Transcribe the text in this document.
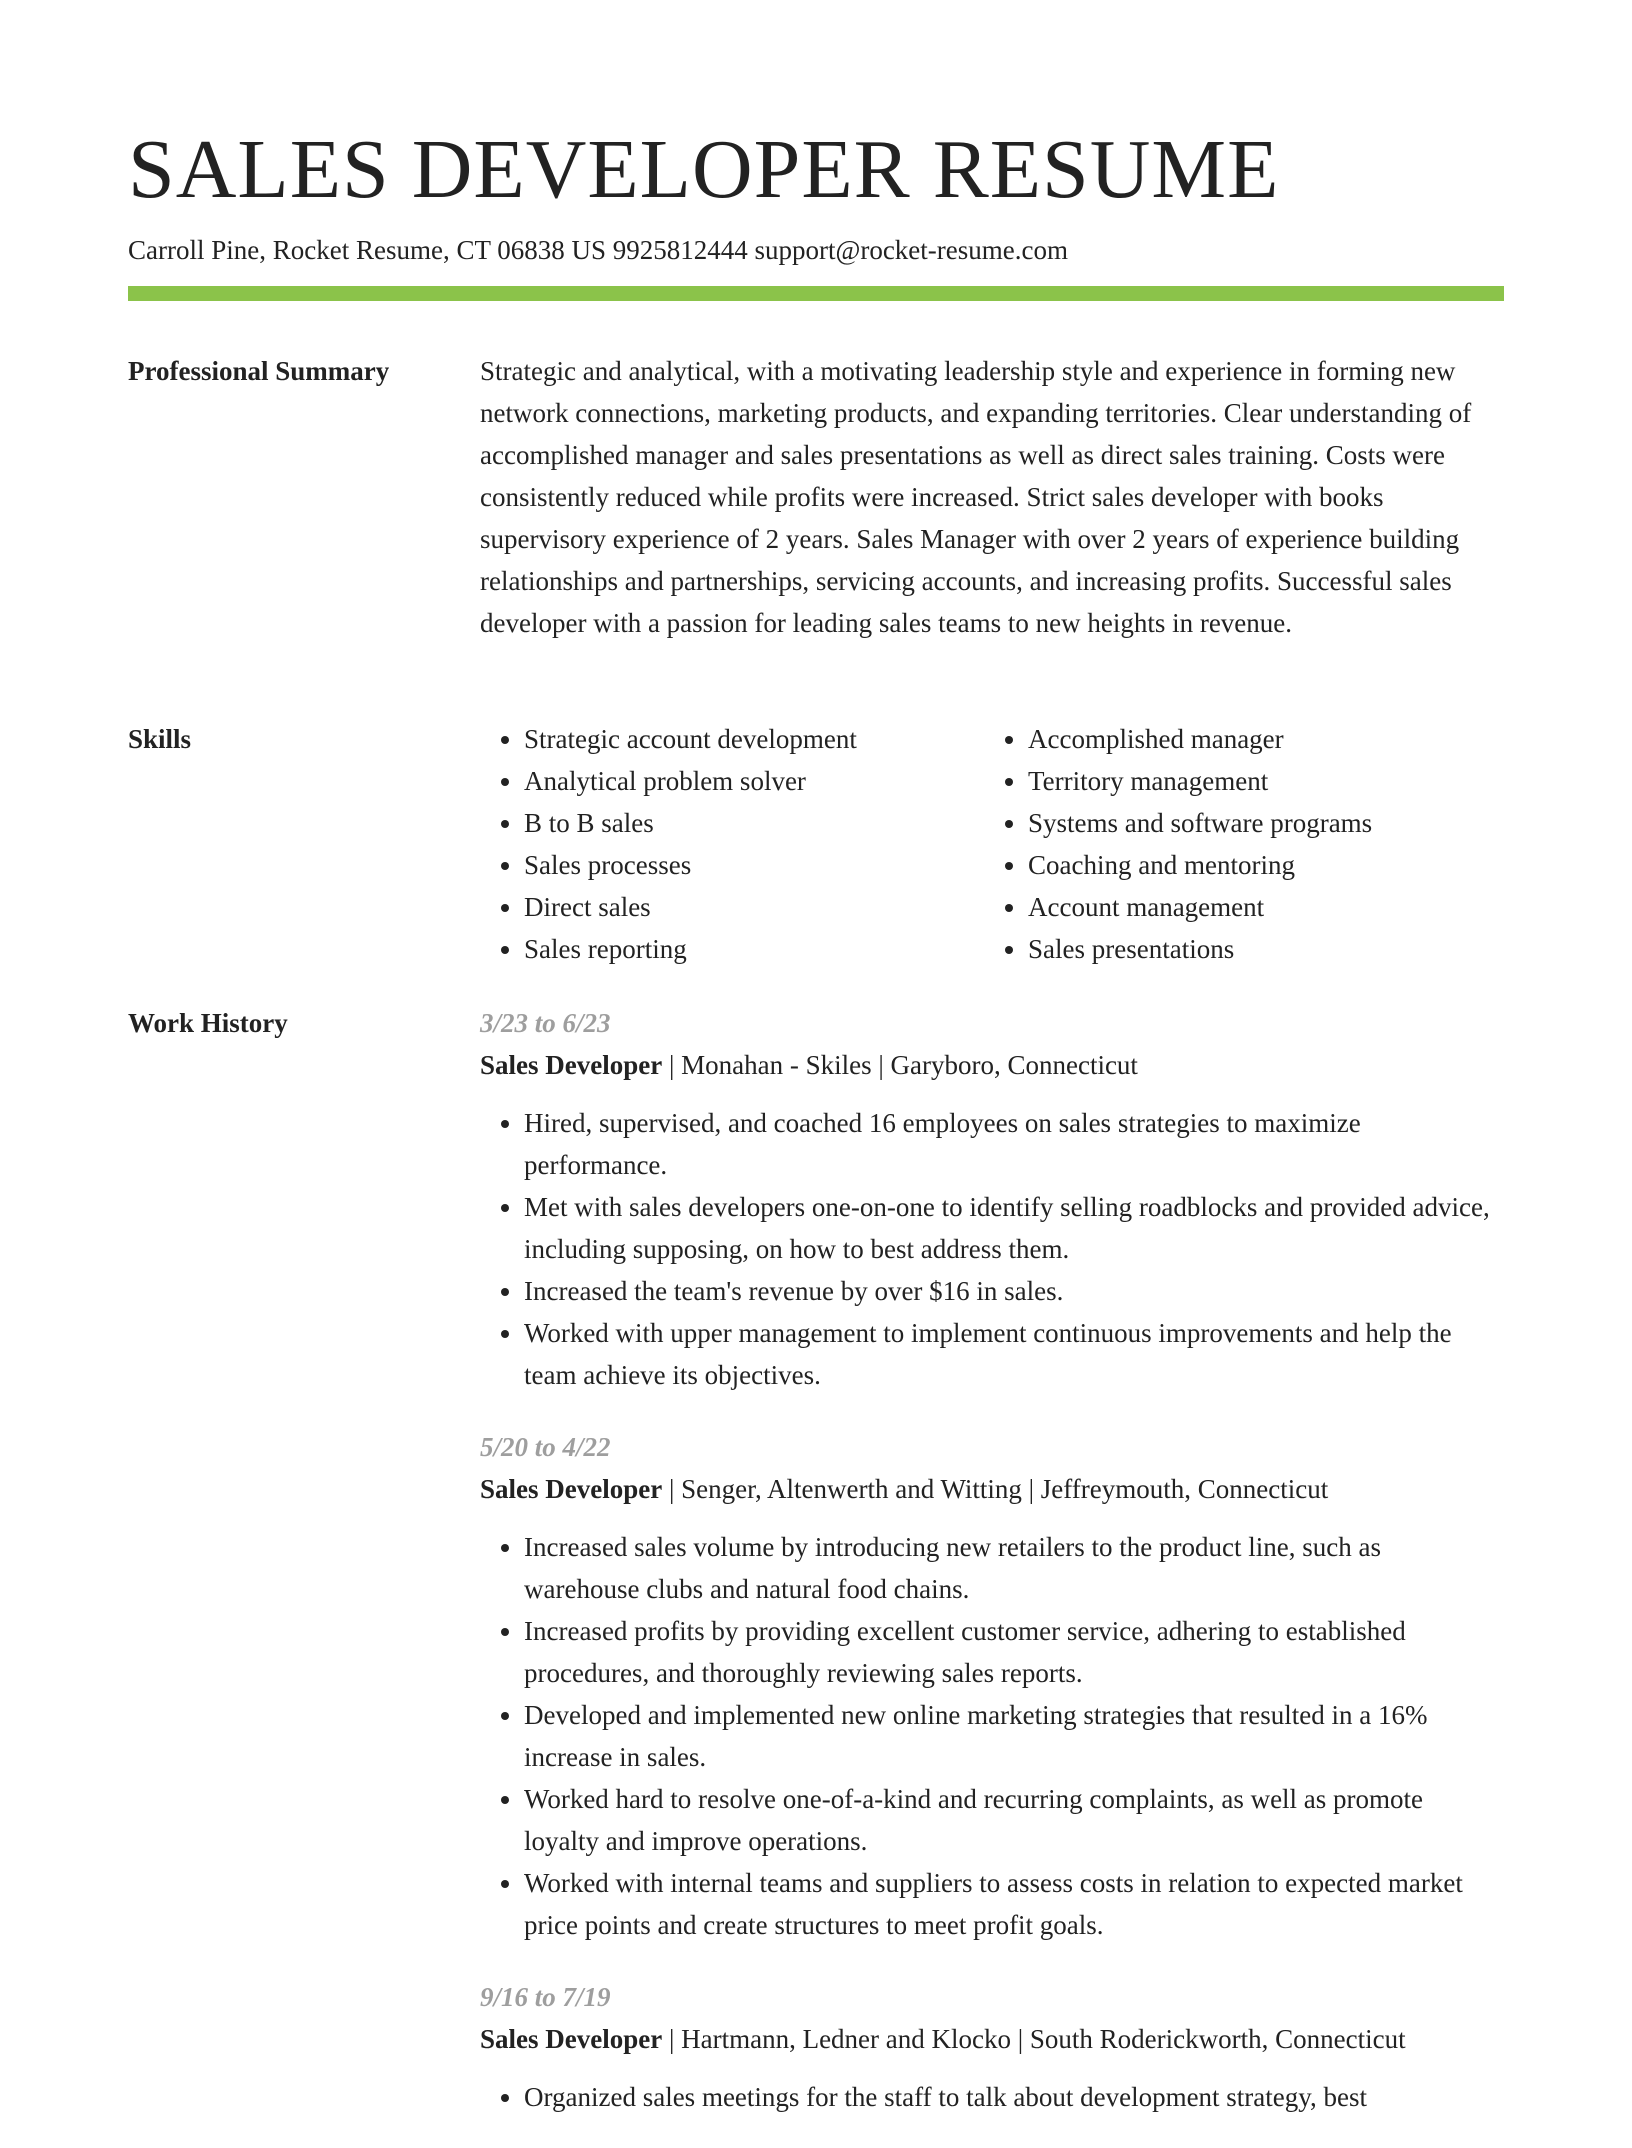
SALES DEVELOPER RESUME
Carroll Pine, Rocket Resume, CT 06838 US 9925812444 support@rocket-resume.com
Professional Summary	Strategic and analytical, with a motivating leadership style and experience in forming new network connections, marketing products, and expanding territories. Clear understanding of accomplished manager and sales presentations as well as direct sales training. Costs were consistently reduced while profits were increased. Strict sales developer with books supervisory experience of 2 years. Sales Manager with over 2 years of experience building relationships and partnerships, servicing accounts, and increasing profits. Successful sales developer with a passion for leading sales teams to new heights in revenue.

Skills
•	Strategic account development
• Analytical problem solver
• B to B sales
• Sales processes
• Direct sales
• Sales reporting
• Accomplished manager
• Territory management
• Systems and software programs
• Coaching and mentoring
• Account management
• Sales presentations
Work History	3/23 to 6/23
Sales Developer | Monahan - Skiles | Garyboro, Connecticut
• Hired, supervised, and coached 16 employees on sales strategies to maximize performance.
• Met with sales developers one-on-one to identify selling roadblocks and provided advice, including supposing, on how to best address them.
• Increased the team's revenue by over $16 in sales.
• Worked with upper management to implement continuous improvements and help the team achieve its objectives.
5/20 to 4/22
Sales Developer | Senger, Altenwerth and Witting | Jeffreymouth, Connecticut
• Increased sales volume by introducing new retailers to the product line, such as warehouse clubs and natural food chains.
• Increased profits by providing excellent customer service, adhering to established procedures, and thoroughly reviewing sales reports.
• Developed and implemented new online marketing strategies that resulted in a 16% increase in sales.
• Worked hard to resolve one-of-a-kind and recurring complaints, as well as promote loyalty and improve operations.
• Worked with internal teams and suppliers to assess costs in relation to expected market price points and create structures to meet profit goals.
9/16 to 7/19
Sales Developer | Hartmann, Ledner and Klocko | South Roderickworth, Connecticut
• Organized sales meetings for the staff to talk about development strategy, best
